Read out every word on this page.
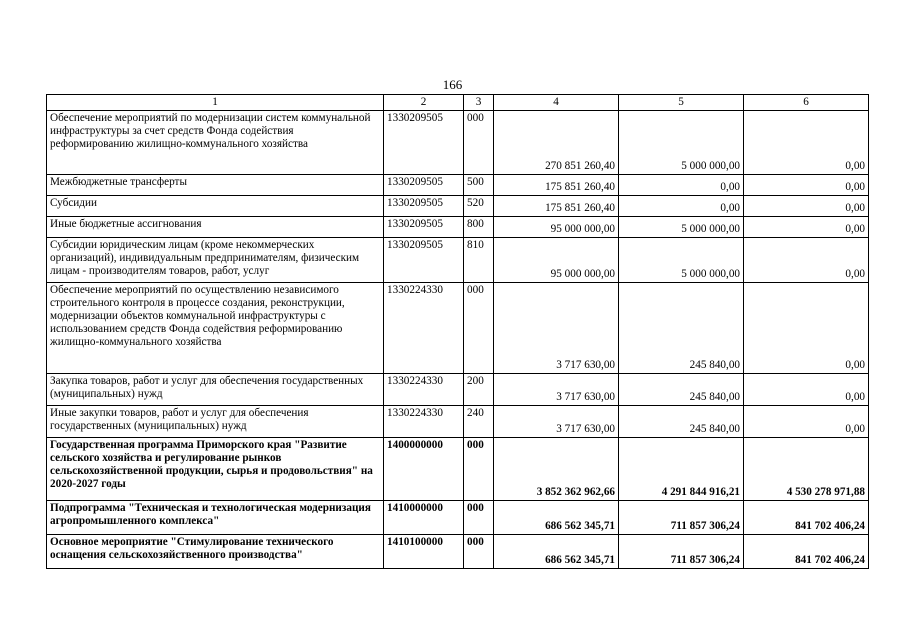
166
1	2	3	4	5	6
Обеспечение мероприятий по модернизации систем коммунальной инфраструктуры за счет средств Фонда содействия реформированию жилищно-коммунального хозяйства	1330209505	000	270 851 260,40	5 000 000,00	0,00
Межбюджетные трансферты	1330209505	500	175 851 260,40	0,00	0,00
Субсидии	1330209505	520	175 851 260,40	0,00	0,00
Иные бюджетные ассигнования	1330209505	800	95 000 000,00	5 000 000,00	0,00
Субсидии юридическим лицам (кроме некоммерческих организаций), индивидуальным предпринимателям, физическим лицам - производителям товаров, работ, услуг	1330209505	810	95 000 000,00	5 000 000,00	0,00
Обеспечение мероприятий по осуществлению независимого строительного контроля в процессе создания, реконструкции, модернизации объектов коммунальной инфраструктуры с использованием средств Фонда содействия реформированию жилищно-коммунального хозяйства	1330224330	000	3 717 630,00	245 840,00	0,00
Закупка товаров, работ и услуг для обеспечения государственных (муниципальных) нужд	1330224330	200	3 717 630,00	245 840,00	0,00
Иные закупки товаров, работ и услуг для обеспечения государственных (муниципальных) нужд	1330224330	240	3 717 630,00	245 840,00	0,00
Государственная программа Приморского края "Развитие сельского хозяйства и регулирование рынков сельскохозяйственной продукции, сырья и продовольствия" на 2020-2027 годы	1400000000	000	3 852 362 962,66	4 291 844 916,21	4 530 278 971,88
Подпрограмма "Техническая и технологическая модернизация агропромышленного комплекса"	1410000000	000	686 562 345,71	711 857 306,24	841 702 406,24
Основное мероприятие "Стимулирование технического оснащения сельскохозяйственного производства"	1410100000	000	686 562 345,71	711 857 306,24	841 702 406,24
